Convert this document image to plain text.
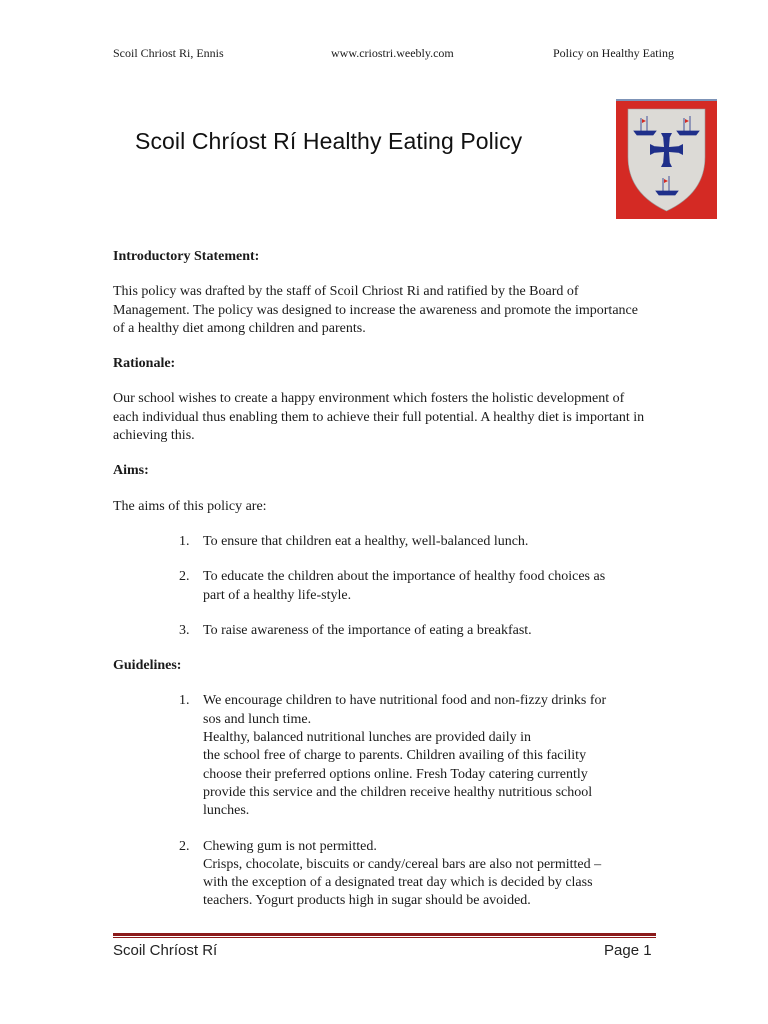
Scoil Chriost Ri, Ennis	www.criostri.weebly.com	Policy on Healthy Eating
Scoil Chríost Rí Healthy Eating Policy
Introductory Statement:

This policy was drafted by the staff of Scoil Chriost Ri and ratified by the Board of Management. The policy was designed to increase the awareness and promote the importance of a healthy diet among children and parents.

Rationale:

Our school wishes to create a happy environment which fosters the holistic development of each individual thus enabling them to achieve their full potential. A healthy diet is important in achieving this.

Aims:

The aims of this policy are:

1. To ensure that children eat a healthy, well-balanced lunch.
2. To educate the children about the importance of healthy food choices as
part of a healthy life-style.
3. To raise awareness of the importance of eating a breakfast.
Guidelines:
1. We encourage children to have nutritional food and non-fizzy drinks for
sos and lunch time.
Healthy, balanced nutritional lunches are provided daily in
the school free of charge to parents. Children availing of this facility
choose their preferred options online. Fresh Today catering currently
provide this service and the children receive healthy nutritious school
lunches.
2. Chewing gum is not permitted.
Crisps, chocolate, biscuits or candy/cereal bars are also not permitted –
with the exception of a designated treat day which is decided by class
teachers. Yogurt products high in sugar should be avoided.
Scoil Chríost Rí	Page 1
